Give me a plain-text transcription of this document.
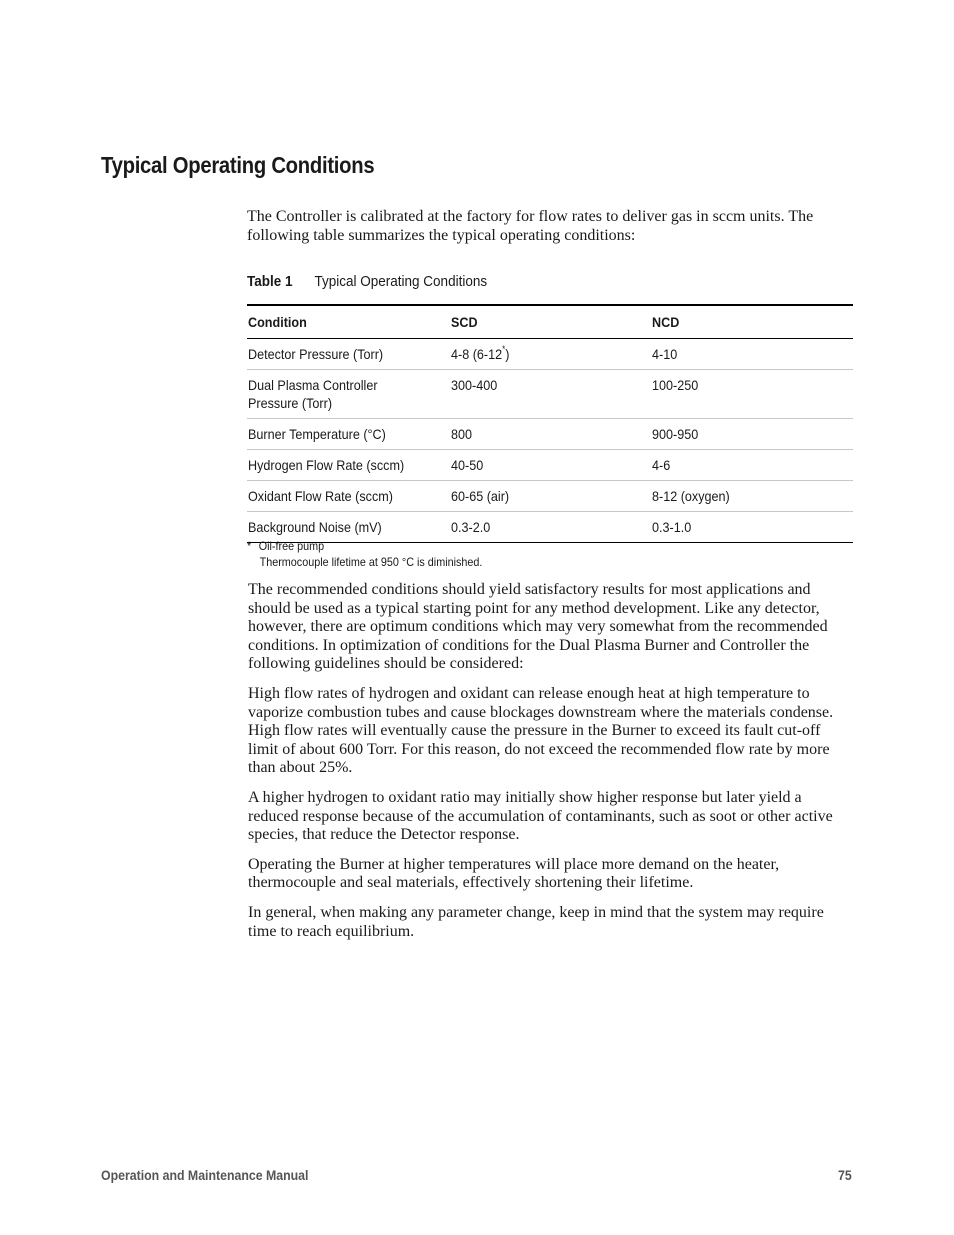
Typical Operating Conditions

The Controller is calibrated at the factory for flow rates to deliver gas in sccm units. The following table summarizes the typical operating conditions:

Table 1 Typical Operating Conditions
Condition	SCD	NCD
Detector Pressure (Torr)	4-8 (6-12*)	4-10
Dual Plasma Controller
Pressure (Torr)	300-400	100-250
Burner Temperature (°C)	800	900-950
Hydrogen Flow Rate (sccm)	40-50	4-6
Oxidant Flow Rate (sccm)	60-65 (air)	8-12 (oxygen)
Background Noise (mV)	0.3-2.0	0.3-1.0
* Oil-free pump
Thermocouple lifetime at 950 °C is diminished.

The recommended conditions should yield satisfactory results for most applications and should be used as a typical starting point for any method development. Like any detector, however, there are optimum conditions which may very somewhat from the recommended conditions. In optimization of conditions for the Dual Plasma Burner and Controller the following guidelines should be considered:

High flow rates of hydrogen and oxidant can release enough heat at high temperature to vaporize combustion tubes and cause blockages downstream where the materials condense. High flow rates will eventually cause the pressure in the Burner to exceed its fault cut-off limit of about 600 Torr. For this reason, do not exceed the recommended flow rate by more than about 25%.

A higher hydrogen to oxidant ratio may initially show higher response but later yield a reduced response because of the accumulation of contaminants, such as soot or other active species, that reduce the Detector response.

Operating the Burner at higher temperatures will place more demand on the heater, thermocouple and seal materials, effectively shortening their lifetime.

In general, when making any parameter change, keep in mind that the system may require time to reach equilibrium.

Operation and Maintenance Manual	75
